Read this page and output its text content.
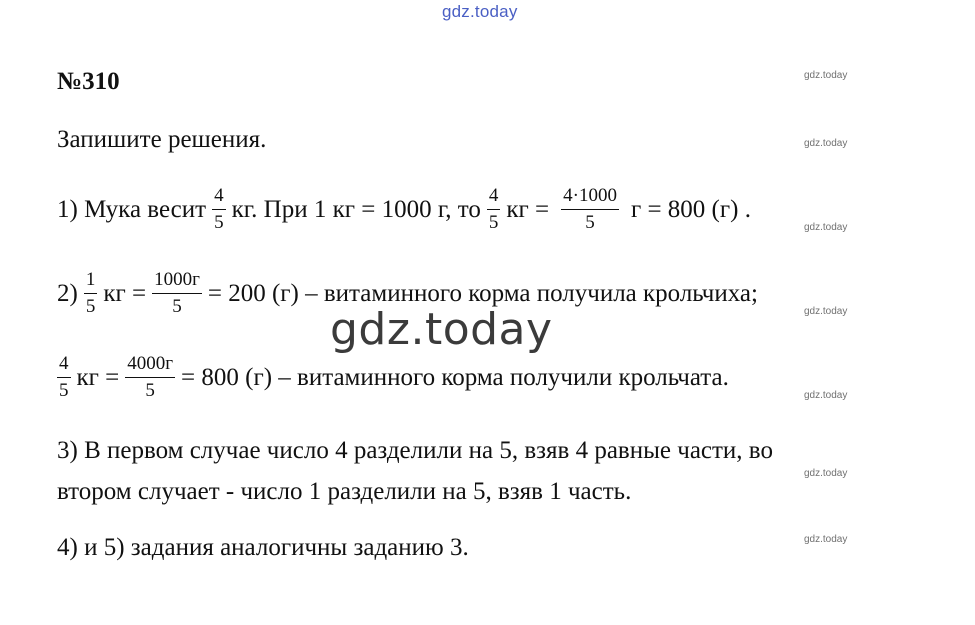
gdz.today
gdz.today
gdz.today
gdz.today
gdz.today
gdz.today
gdz.today
gdz.today
№310
Запишите решения.
1) Мука весит $\frac{4}{5}$ кг. При 1 кг = 1000 г, то $\frac{4}{5}$ кг = $\frac{4\cdot 1000}{5}$ г = 800 (г) .
$2) \frac{1}{5}$ кг = $\frac{1000г}{5} = 200$ (г) – витаминного корма получила крольчиха;
$\frac{4}{5}$ кг = $\frac{4000г}{5} = 800$ (г) – витаминного корма получили крольчата.
3) В первом случае число 4 разделили на 5, взяв 4 равные части, во
втором случает - число 1 разделили на 5, взяв 1 часть.
4) и 5) задания аналогичны заданию 3.
gdz.today
